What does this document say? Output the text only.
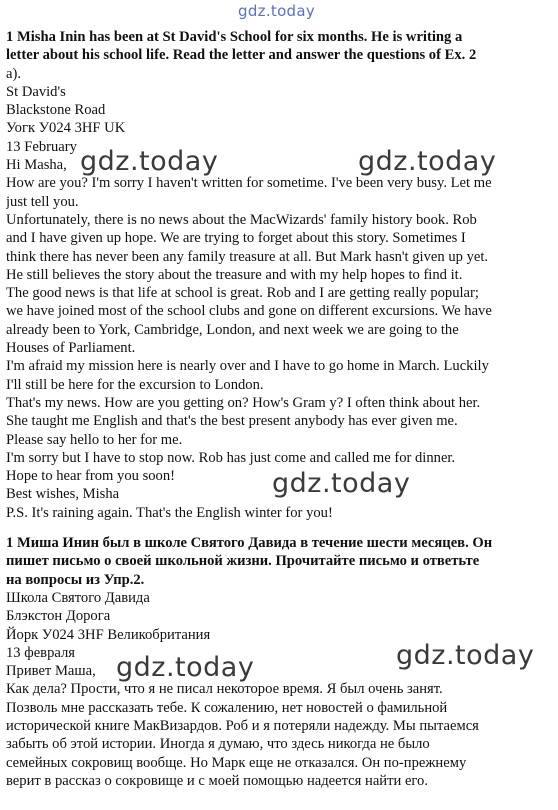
gdz.today
1 Misha Inin has been at St David's School for six months. He is writing a
letter about his school life. Read the letter and answer the questions of Ex. 2
a).
St David's
Blackstone Road
Уогк У024 3HF UK
13 February
Hi Masha,
How are you? I'm sorry I haven't written for sometime. I've been very busy. Let me
just tell you.
Unfortunately, there is no news about the MacWizards' family history book. Rob
and I have given up hope. We are trying to forget about this story. Sometimes I
think there has never been any family treasure at all. But Mark hasn't given up yet.
He still believes the story about the treasure and with my help hopes to find it.
The good news is that life at school is great. Rob and I are getting really popular;
we have joined most of the school clubs and gone on different excursions. We have
already been to York, Cambridge, London, and next week we are going to the
Houses of Parliament.
I'm afraid my mission here is nearly over and I have to go home in March. Luckily
I'll still be here for the excursion to London.
That's my news. How are you getting on? How's Gram y? I often think about her.
She taught me English and that's the best present anybody has ever given me.
Please say hello to her for me.
I'm sorry but I have to stop now. Rob has just come and called me for dinner.
Hope to hear from you soon!
Best wishes, Misha
P.S. It's raining again. That's the English winter for you!
1 Миша Инин был в школе Святого Давида в течение шести месяцев. Он
пишет письмо о своей школьной жизни. Прочитайте письмо и ответьте
на вопросы из Упр.2.
Школа Святого Давида
Блэкстон Дорога
Йорк У024 3HF Великобритания
13 февраля
Привет Маша,
Как дела? Прости, что я не писал некоторое время. Я был очень занят.
Позволь мне рассказать тебе. К сожалению, нет новостей о фамильной
исторической книге МакВизардов. Роб и я потеряли надежду. Мы пытаемся
забыть об этой истории. Иногда я думаю, что здесь никогда не было
семейных сокровищ вообще. Но Марк еще не отказался. Он по-прежнему
верит в рассказ о сокровище и с моей помощью надеется найти его.
gdz.today	gdz.today
gdz.today
gdz.today	gdz.today
